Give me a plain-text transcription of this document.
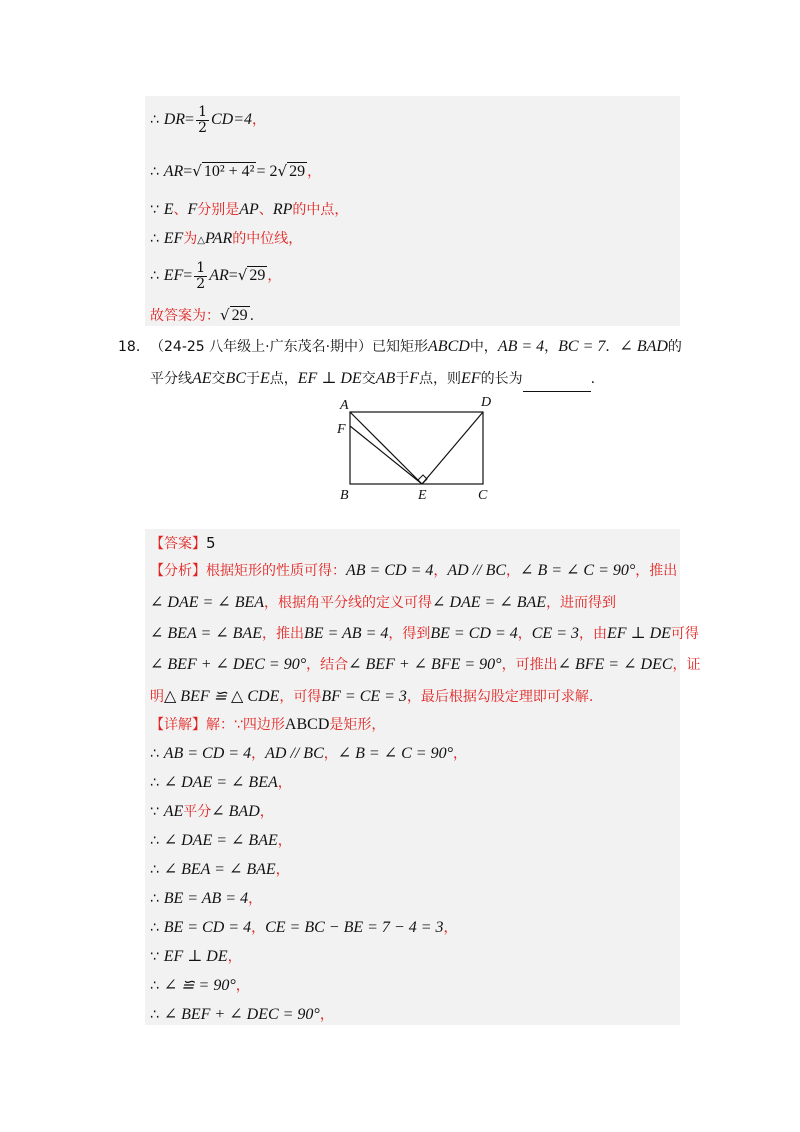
∴ $DR= \frac{1}{2} CD=4$，
∴ AR=√ 10² + 4² = 2√ 29 ，
∵ E、F分别是AP、RP的中点，
∴ EF为△PAR的中位线，
∴ $EF= \frac{1}{2} AR=√$ 29 ，
故答案为：√ 29 .
18. （24-25 八年级上·广东茂名·期中）已知矩形ABCD中，AB = 4，BC = 7．∠ BAD的
平分线AE交BC于E点，EF ⊥ DE交AB于F点，则EF的长为	.
A	D
F
B	E	C
【答案】5
【分析】根据矩形的性质可得：AB = CD = 4，AD // BC，∠ B = ∠ C = 90°，推出
∠ DAE = ∠ BEA，根据角平分线的定义可得∠ DAE = ∠ BAE，进而得到
∠ BEA = ∠ BAE，推出BE = AB = 4，得到BE = CD = 4，CE = 3，由EF ⊥ DE可得
∠ BEF + ∠ DEC = 90°，结合∠ BEF + ∠ BFE = 90°，可推出∠ BFE = ∠ DEC，证
明△ BEF ≌ △ CDE，可得BF = CE = 3，最后根据勾股定理即可求解.
【详解】解：∵四边形ABCD是矩形，
∴ AB = CD = 4，AD // BC，∠ B = ∠ C = 90°，
∴ ∠ DAE = ∠ BEA，
∵ AE平分∠ BAD，
∴ ∠ DAE = ∠ BAE，
∴ ∠ BEA = ∠ BAE，
∴ BE = AB = 4，
∴ BE = CD = 4，CE = BC − BE = 7 − 4 = 3，
∵ EF ⊥ DE，
∴ ∠ ≌ = 90°，
∴ ∠ BEF + ∠ DEC = 90°，
